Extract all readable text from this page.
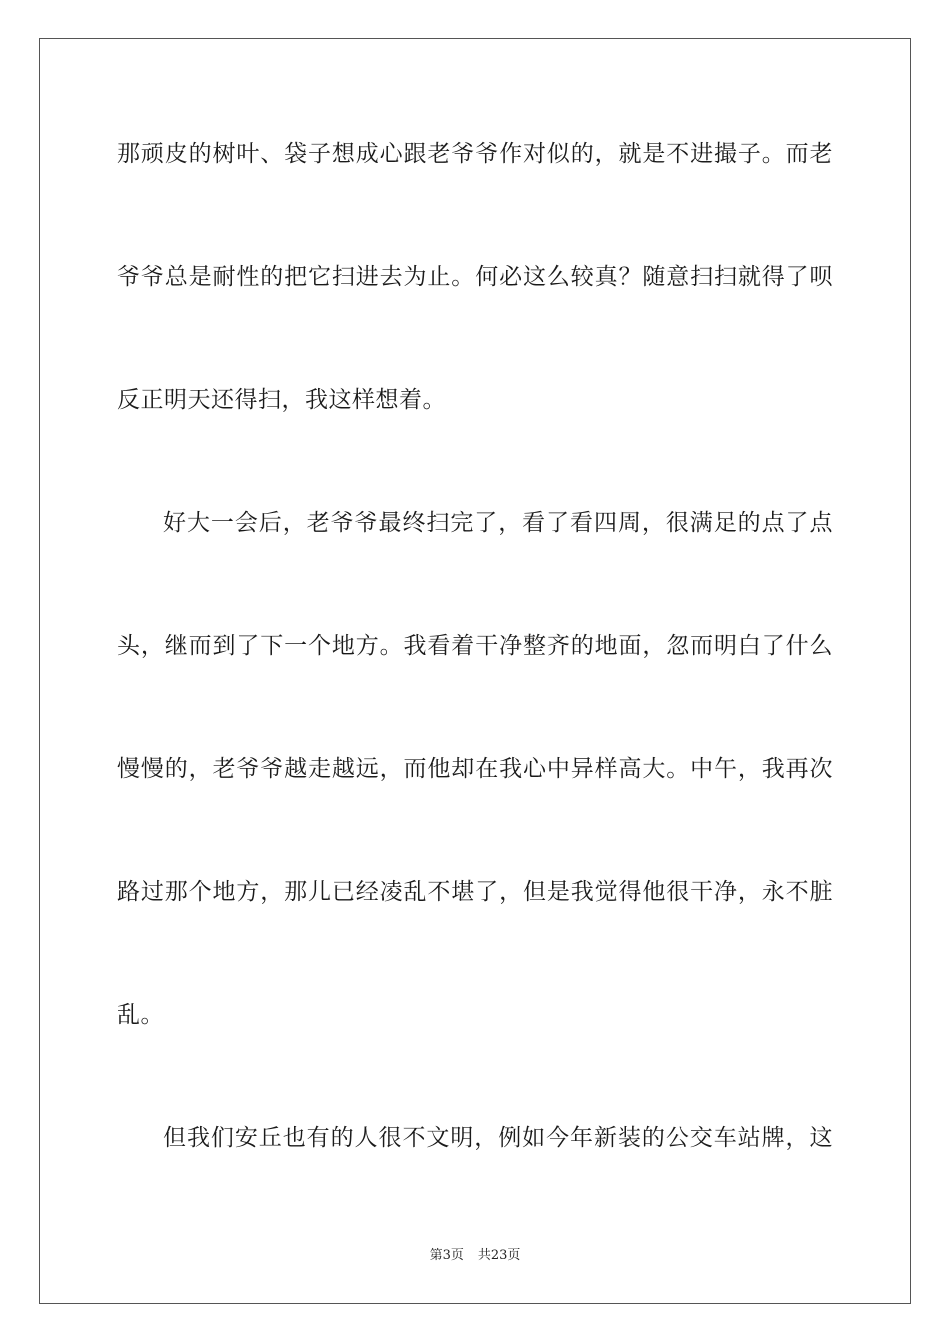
那顽皮的树叶、袋子想成心跟老爷爷作对似的，就是不进撮子。而老
爷爷总是耐性的把它扫进去为止。何必这么较真？随意扫扫就得了呗
反正明天还得扫，我这样想着。
好大一会后，老爷爷最终扫完了，看了看四周，很满足的点了点
头，继而到了下一个地方。我看着干净整齐的地面，忽而明白了什么
慢慢的，老爷爷越走越远，而他却在我心中异样高大。中午，我再次
路过那个地方，那儿已经凌乱不堪了，但是我觉得他很干净，永不脏
乱。
但我们安丘也有的人很不文明，例如今年新装的公交车站牌，这
第3页 共23页
